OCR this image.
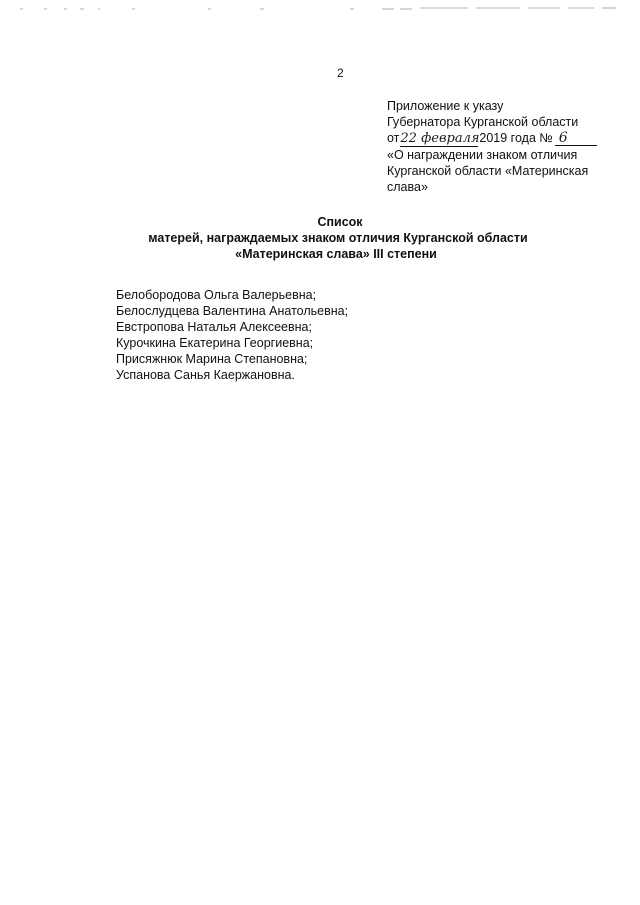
2
Приложение к указу
Губернатора Курганской области
от22 февраля2019 года № 6
«О награждении знаком отличия
Курганской области «Материнская
слава»
Список
матерей, награждаемых знаком отличия Курганской области
«Материнская слава» III степени
Белобородова Ольга Валерьевна;
Белослудцева Валентина Анатольевна;
Евстропова Наталья Алексеевна;
Курочкина Екатерина Георгиевна;
Присяжнюк Марина Степановна;
Успанова Санья Каержановна.
